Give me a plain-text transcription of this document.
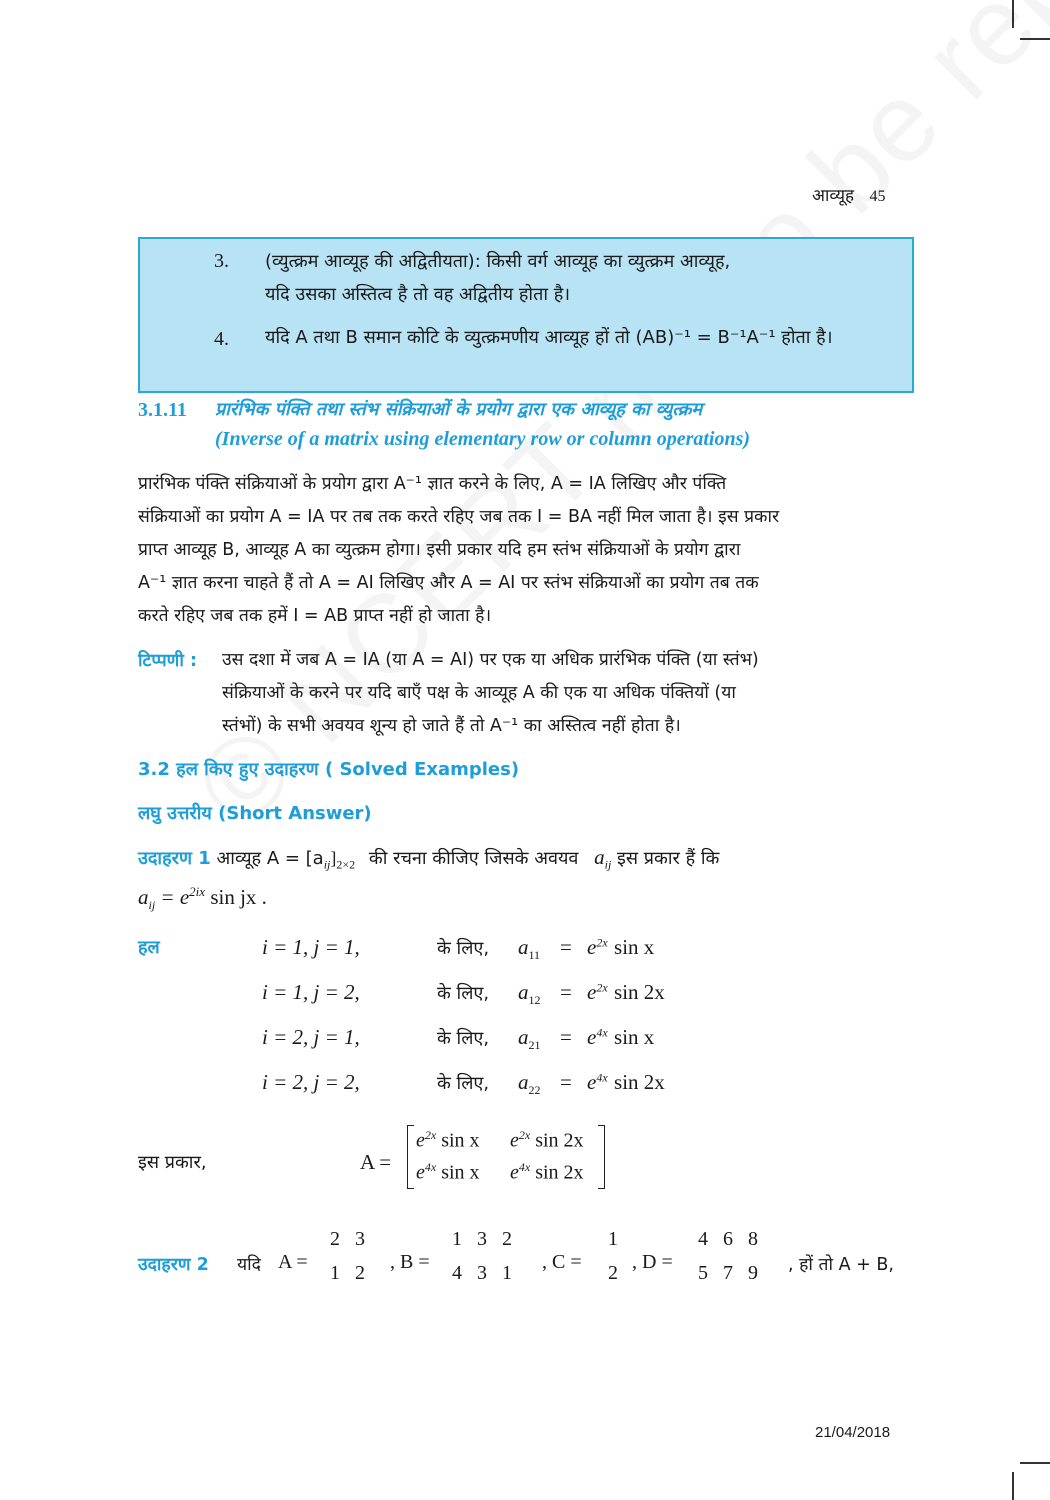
आव्यूह 45
3. (व्युत्क्रम आव्यूह की अद्वितीयता): किसी वर्ग आव्यूह का व्युत्क्रम आव्यूह,
यदि उसका अस्तित्व है तो वह अद्वितीय होता है।
4. यदि A तथा B समान कोटि के व्युत्क्रमणीय आव्यूह हों तो (AB)⁻¹ = B⁻¹A⁻¹ होता है।
3.1.11 प्रारंभिक पंक्ति तथा स्तंभ संक्रियाओं के प्रयोग द्वारा एक आव्यूह का व्युत्क्रम
(Inverse of a matrix using elementary row or column operations)
प्रारंभिक पंक्ति संक्रियाओं के प्रयोग द्वारा A⁻¹ ज्ञात करने के लिए, A = IA लिखिए और पंक्ति
संक्रियाओं का प्रयोग A = IA पर तब तक करते रहिए जब तक I = BA नहीं मिल जाता है। इस प्रकार
प्राप्त आव्यूह B, आव्यूह A का व्युत्क्रम होगा। इसी प्रकार यदि हम स्तंभ संक्रियाओं के प्रयोग द्वारा
A⁻¹ ज्ञात करना चाहते हैं तो A = AI लिखिए और A = AI पर स्तंभ संक्रियाओं का प्रयोग तब तक
करते रहिए जब तक हमें I = AB प्राप्त नहीं हो जाता है।
टिप्पणी : उस दशा में जब A = IA (या A = AI) पर एक या अधिक प्रारंभिक पंक्ति (या स्तंभ)
संक्रियाओं के करने पर यदि बाएँ पक्ष के आव्यूह A की एक या अधिक पंक्तियों (या
स्तंभों) के सभी अवयव शून्य हो जाते हैं तो A⁻¹ का अस्तित्व नहीं होता है।
3.2 हल किए हुए उदाहरण ( Solved Examples)
लघु उत्तरीय (Short Answer)
उदाहरण 1 आव्यूह $A = [a_{ij}]_{2\times 2}$ की रचना कीजिए जिसके अवयव $a_{ij}$ इस प्रकार हैं कि
$a_{ij} = e^{2ix}$ sin jx .
हल	i = 1, j = 1,	के लिए, $a_{11} = e^{2x}$ sin x
i = 1, j = 2,	के लिए, $a_{12} = e^{2x}$ sin 2x
i = 2, j = 1,	के लिए, $a_{21} = e^{4x}$ sin x
i = 2, j = 2,	के लिए, $a_{22} = e^{4x}$ sin 2x
इस प्रकार,	A =
$e^{2x}$ sin x $e^{2x}$ sin 2x
$e^{4x}$ sin x $e^{4x}$ sin 2x
उदाहरण 2 यदि A =
2   3
1   2 , B =
1   3   2
4   3   1 , C =
1
2 , D =
4   6   8
5   7   9 , हों तो A + B,
21/04/2018
